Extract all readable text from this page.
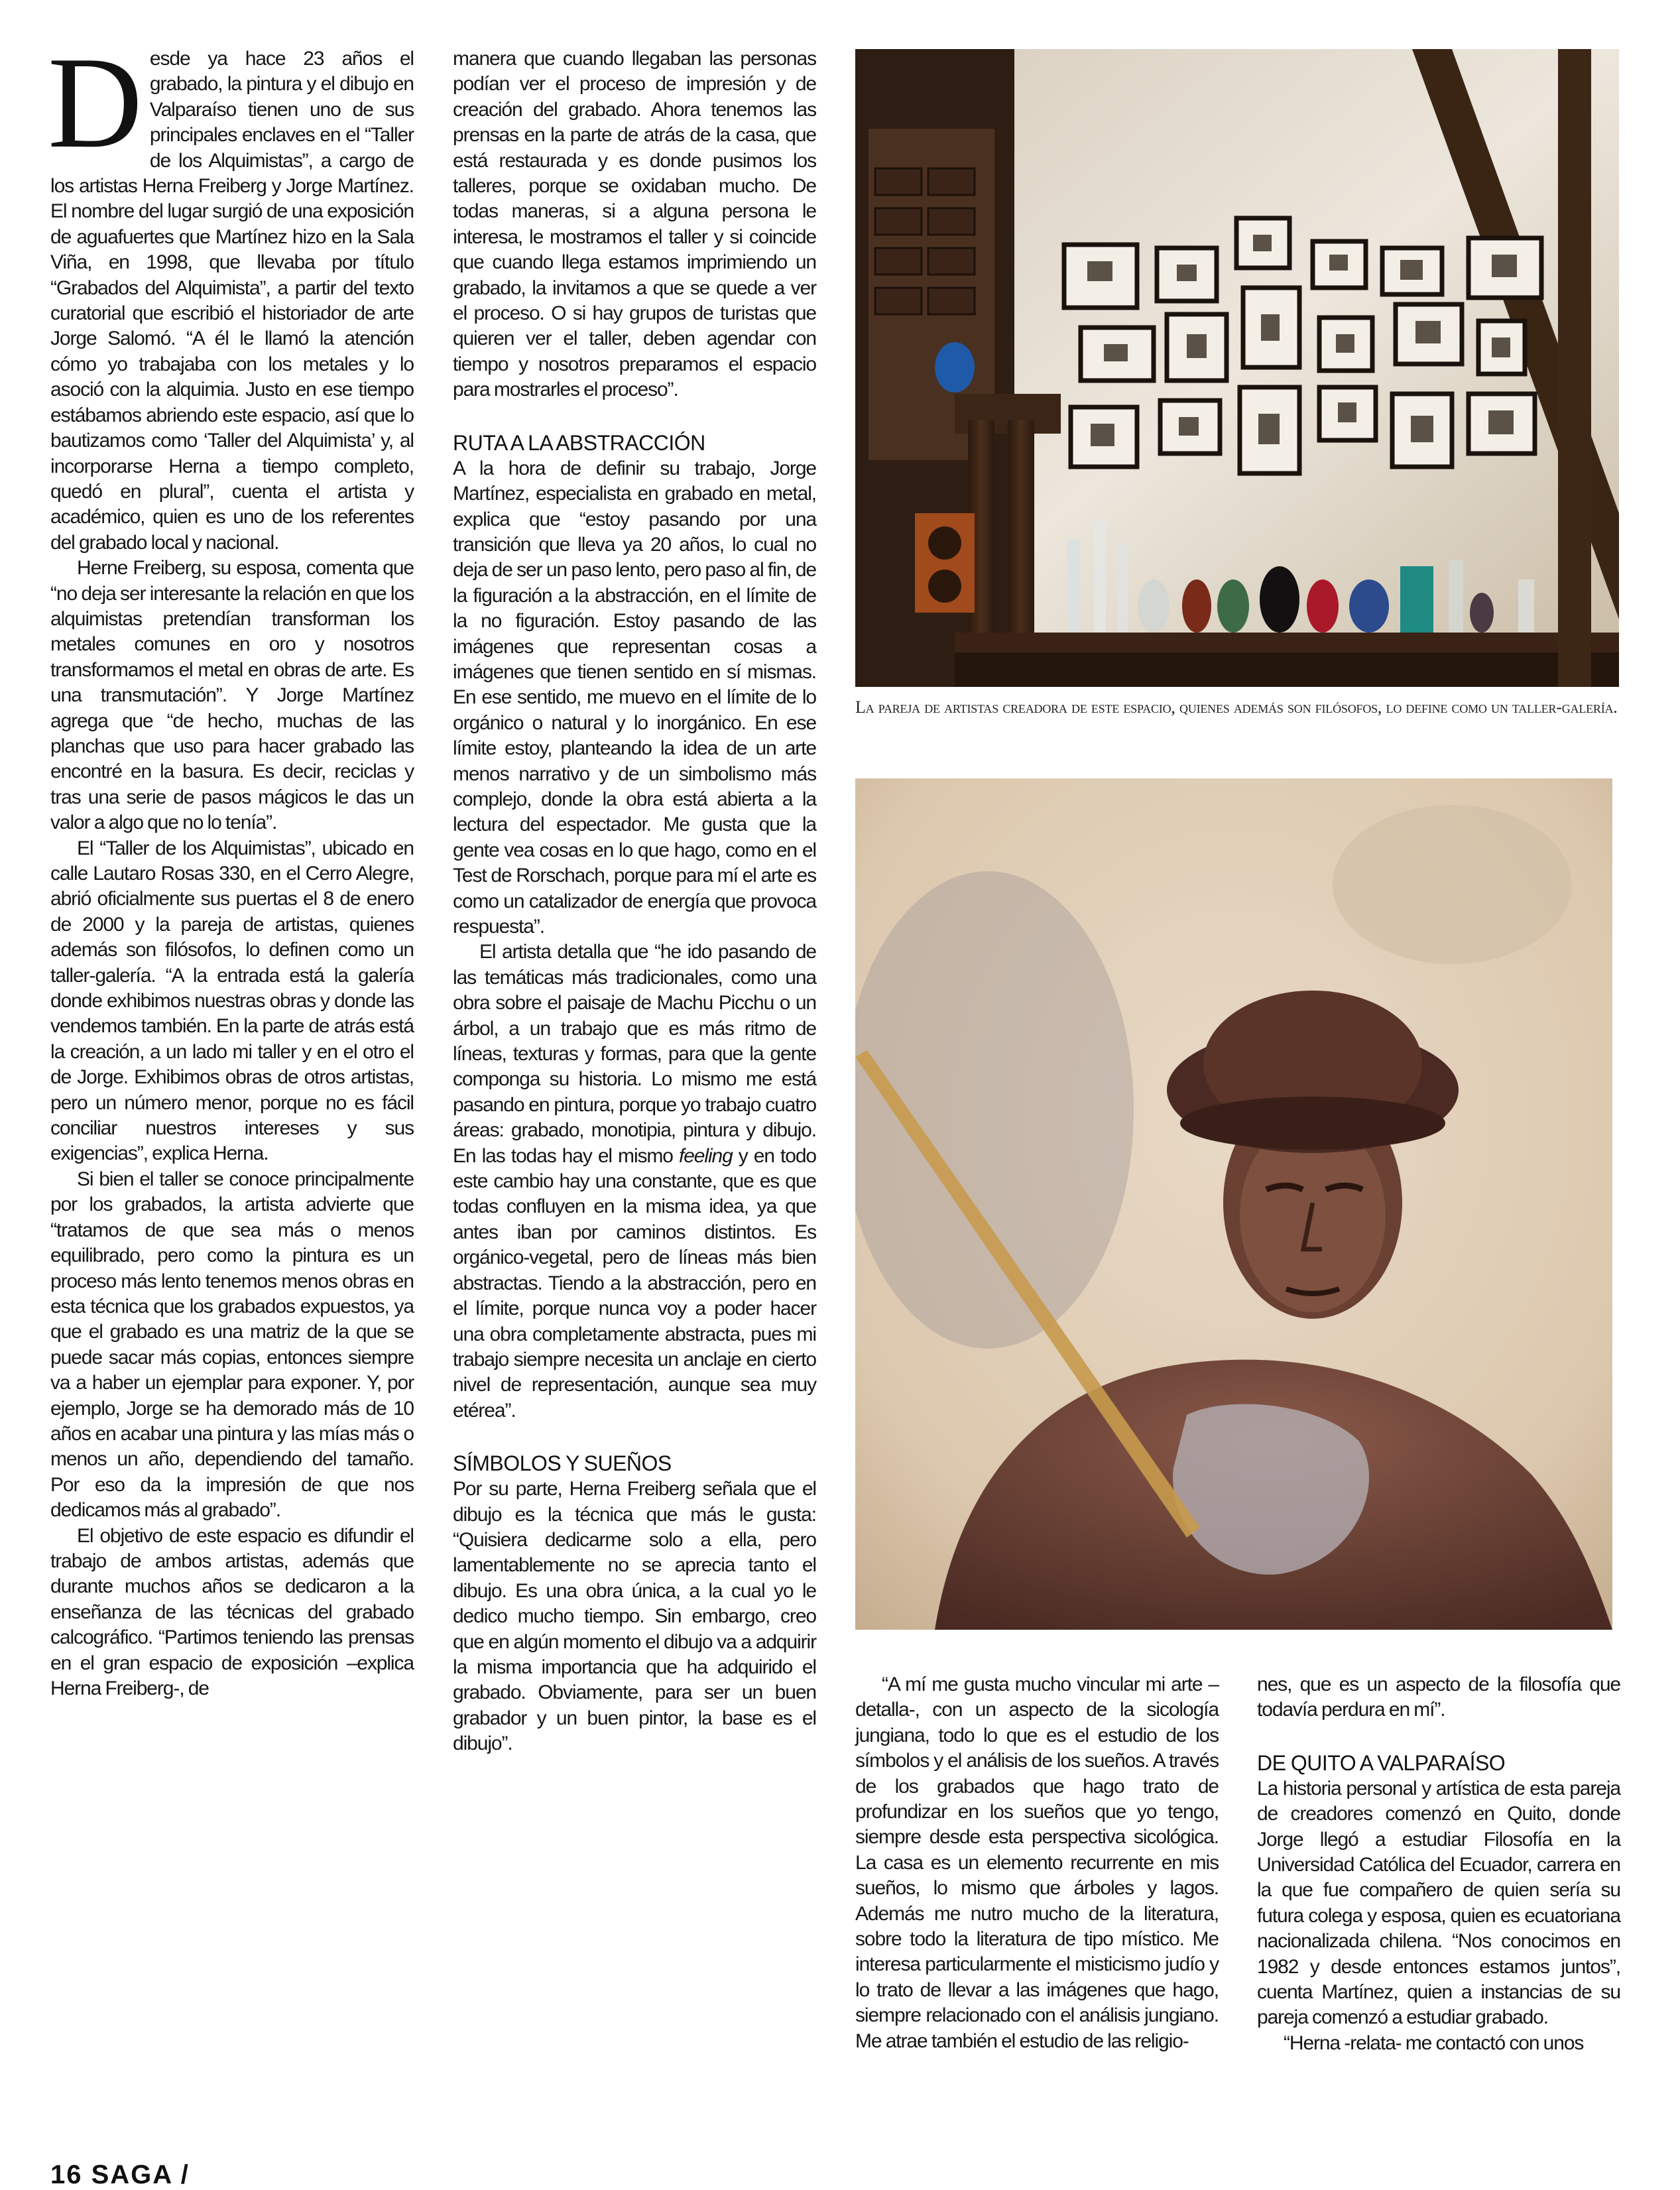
Desde ya hace 23 años el grabado, la pintura y el dibujo en Valparaíso tienen uno de sus principales enclaves en el “Taller de los Alquimistas”, a cargo de los artistas Herna Freiberg y Jorge Martínez. El nombre del lugar surgió de una exposición de aguafuertes que Martínez hizo en la Sala Viña, en 1998, que llevaba por título “Grabados del Alquimista”, a partir del texto curatorial que escribió el historiador de arte Jorge Salomó. “A él le llamó la atención cómo yo trabajaba con los metales y lo asoció con la alquimia. Justo en ese tiempo estábamos abriendo este espacio, así que lo bautizamos como ‘Taller del Alquimista’ y, al incorporarse Herna a tiempo completo, quedó en plural”, cuenta el artista y académico, quien es uno de los referentes del grabado local y nacional.

Herne Freiberg, su esposa, comenta que “no deja ser interesante la relación en que los alquimistas pretendían transforman los metales comunes en oro y nosotros transformamos el metal en obras de arte. Es una transmutación”. Y Jorge Martínez agrega que “de hecho, muchas de las planchas que uso para hacer grabado las encontré en la basura. Es decir, reciclas y tras una serie de pasos mágicos le das un valor a algo que no lo tenía”.

El “Taller de los Alquimistas”, ubicado en calle Lautaro Rosas 330, en el Cerro Alegre, abrió oficialmente sus puertas el 8 de enero de 2000 y la pareja de artistas, quienes además son filósofos, lo definen como un taller-galería. “A la entrada está la galería donde exhibimos nuestras obras y donde las vendemos también. En la parte de atrás está la creación, a un lado mi taller y en el otro el de Jorge. Exhibimos obras de otros artistas, pero un número menor, porque no es fácil conciliar nuestros intereses y sus exigencias”, explica Herna.

Si bien el taller se conoce principalmente por los grabados, la artista advierte que “tratamos de que sea más o menos equilibrado, pero como la pintura es un proceso más lento tenemos menos obras en esta técnica que los grabados expuestos, ya que el grabado es una matriz de la que se puede sacar más copias, entonces siempre va a haber un ejemplar para exponer. Y, por ejemplo, Jorge se ha demorado más de 10 años en acabar una pintura y las mías más o menos un año, dependiendo del tamaño. Por eso da la impresión de que nos dedicamos más al grabado”.

El objetivo de este espacio es difundir el trabajo de ambos artistas, además que durante muchos años se dedicaron a la enseñanza de las técnicas del grabado calcográfico. “Partimos teniendo las prensas en el gran espacio de exposición –explica Herna Freiberg-, de

manera que cuando llegaban las personas podían ver el proceso de impresión y de creación del grabado. Ahora tenemos las prensas en la parte de atrás de la casa, que está restaurada y es donde pusimos los talleres, porque se oxidaban mucho. De todas maneras, si a alguna persona le interesa, le mostramos el taller y si coincide que cuando llega estamos imprimiendo un grabado, la invitamos a que se quede a ver el proceso. O si hay grupos de turistas que quieren ver el taller, deben agendar con tiempo y nosotros preparamos el espacio para mostrarles el proceso”.

RUTA A LA ABSTRACCIÓN

A la hora de definir su trabajo, Jorge Martínez, especialista en grabado en metal, explica que “estoy pasando por una transición que lleva ya 20 años, lo cual no deja de ser un paso lento, pero paso al fin, de la figuración a la abstracción, en el límite de la no figuración. Estoy pasando de las imágenes que representan cosas a imágenes que tienen sentido en sí mismas. En ese sentido, me muevo en el límite de lo orgánico o natural y lo inorgánico. En ese límite estoy, planteando la idea de un arte menos narrativo y de un simbolismo más complejo, donde la obra está abierta a la lectura del espectador. Me gusta que la gente vea cosas en lo que hago, como en el Test de Rorschach, porque para mí el arte es como un catalizador de energía que provoca respuesta”.

El artista detalla que “he ido pasando de las temáticas más tradicionales, como una obra sobre el paisaje de Machu Picchu o un árbol, a un trabajo que es más ritmo de líneas, texturas y formas, para que la gente componga su historia. Lo mismo me está pasando en pintura, porque yo trabajo cuatro áreas: grabado, monotipia, pintura y dibujo. En las todas hay el mismo feeling y en todo este cambio hay una constante, que es que todas confluyen en la misma idea, ya que antes iban por caminos distintos. Es orgánico-vegetal, pero de líneas más bien abstractas. Tiendo a la abstracción, pero en el límite, porque nunca voy a poder hacer una obra completamente abstracta, pues mi trabajo siempre necesita un anclaje en cierto nivel de representación, aunque sea muy etérea”.

SÍMBOLOS Y SUEÑOS

Por su parte, Herna Freiberg señala que el dibujo es la técnica que más le gusta: “Quisiera dedicarme solo a ella, pero lamentablemente no se aprecia tanto el dibujo. Es una obra única, a la cual yo le dedico mucho tiempo. Sin embargo, creo que en algún momento el dibujo va a adquirir la misma importancia que ha adquirido el grabado. Obviamente, para ser un buen grabador y un buen pintor, la base es el dibujo”.

La pareja de artistas creadora de este espacio, quienes además son filósofos, lo define como un taller-galería.

“A mí me gusta mucho vincular mi arte –detalla-, con un aspecto de la sicología jungiana, todo lo que es el estudio de los símbolos y el análisis de los sueños. A través de los grabados que hago trato de profundizar en los sueños que yo tengo, siempre desde esta perspectiva sicológica. La casa es un elemento recurrente en mis sueños, lo mismo que árboles y lagos. Además me nutro mucho de la literatura, sobre todo la literatura de tipo místico. Me interesa particularmente el misticismo judío y lo trato de llevar a las imágenes que hago, siempre relacionado con el análisis jungiano. Me atrae también el estudio de las religio-

nes, que es un aspecto de la filosofía que todavía perdura en mí”.

DE QUITO A VALPARAÍSO

La historia personal y artística de esta pareja de creadores comenzó en Quito, donde Jorge llegó a estudiar Filosofía en la Universidad Católica del Ecuador, carrera en la que fue compañero de quien sería su futura colega y esposa, quien es ecuatoriana nacionalizada chilena. “Nos conocimos en 1982 y desde entonces estamos juntos”, cuenta Martínez, quien a instancias de su pareja comenzó a estudiar grabado.

“Herna -relata- me contactó con unos

16 SAGA /
